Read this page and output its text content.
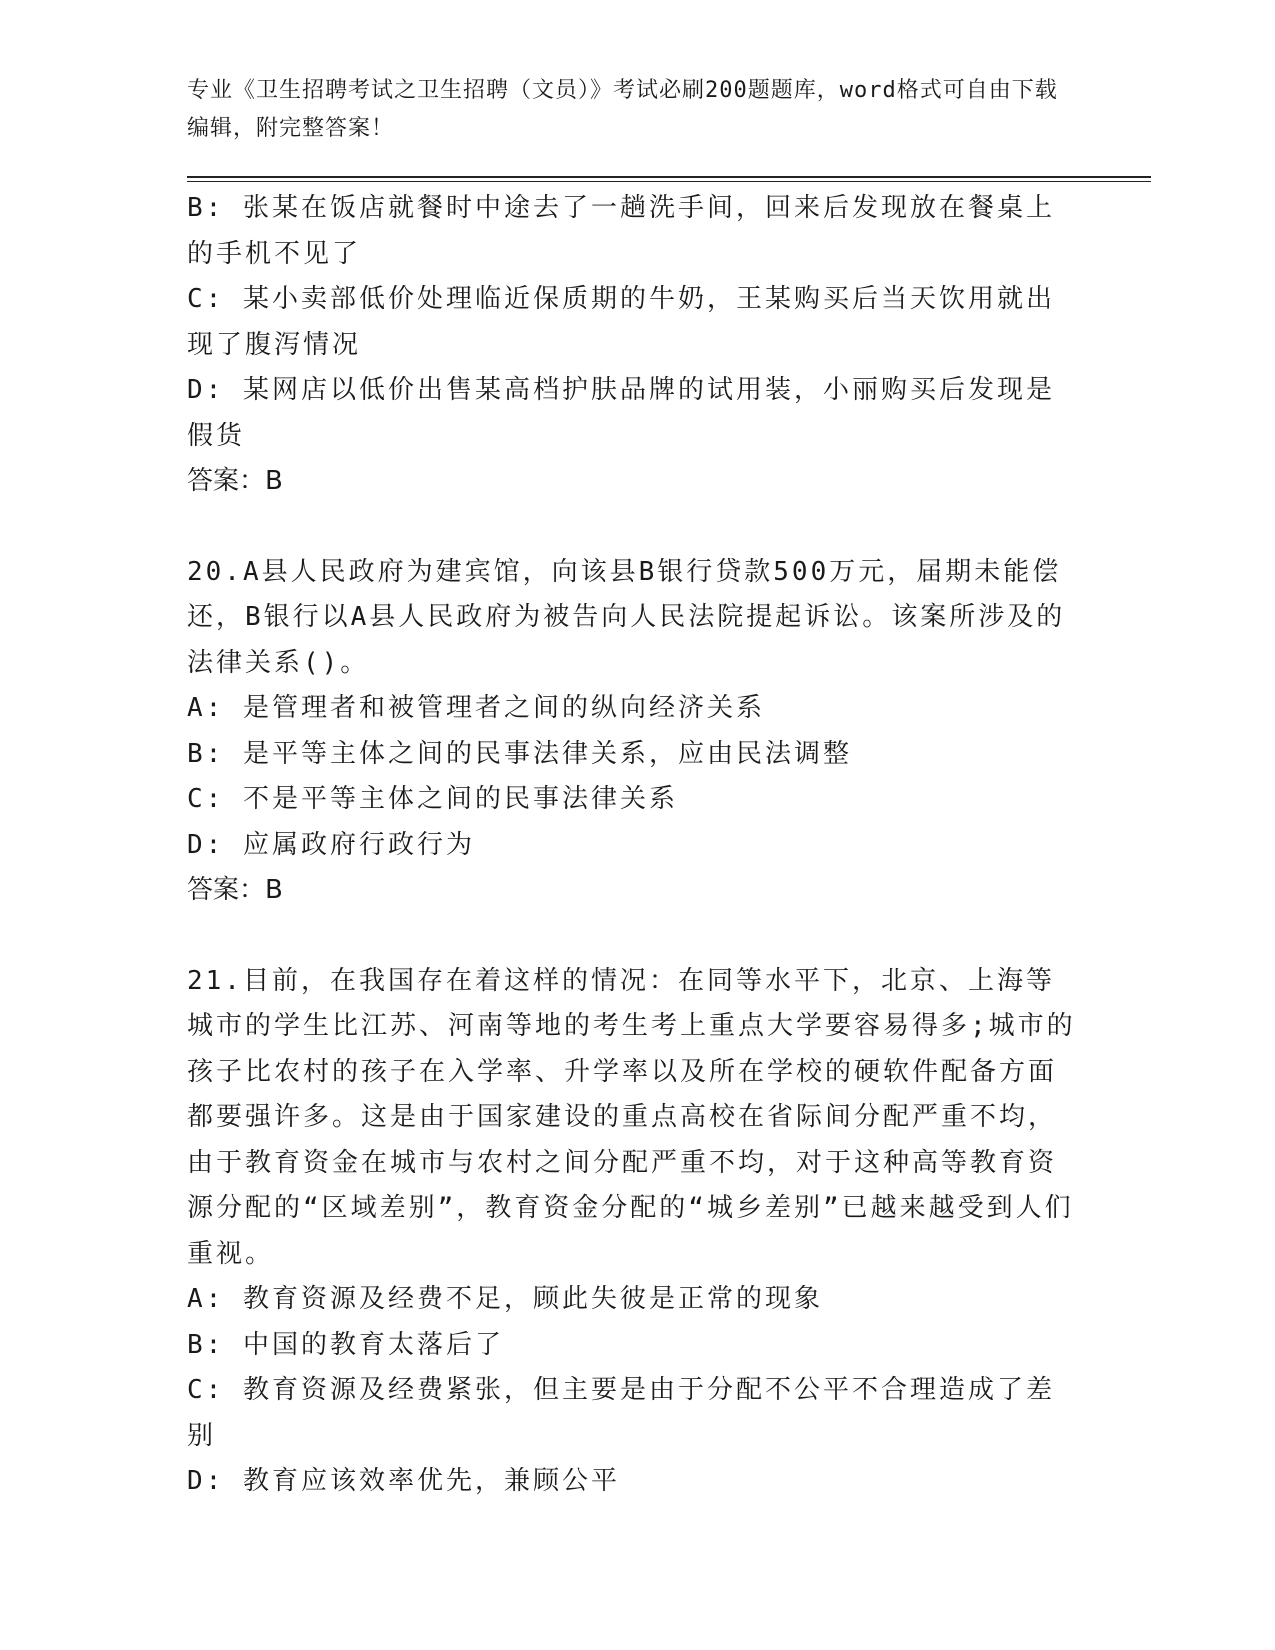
专业《卫生招聘考试之卫生招聘（文员）》考试必刷200题题库，word格式可自由下载编辑，附完整答案！

B: 张某在饭店就餐时中途去了一趟洗手间，回来后发现放在餐桌上的手机不见了

C: 某小卖部低价处理临近保质期的牛奶，王某购买后当天饮用就出现了腹泻情况

D: 某网店以低价出售某高档护肤品牌的试用装，小丽购买后发现是假货

答案：B

20.A县人民政府为建宾馆，向该县B银行贷款500万元，届期未能偿还，B银行以A县人民政府为被告向人民法院提起诉讼。该案所涉及的法律关系()。

A: 是管理者和被管理者之间的纵向经济关系

B: 是平等主体之间的民事法律关系，应由民法调整

C: 不是平等主体之间的民事法律关系

D: 应属政府行政行为

答案：B

21.目前，在我国存在着这样的情况：在同等水平下，北京、上海等城市的学生比江苏、河南等地的考生考上重点大学要容易得多;城市的孩子比农村的孩子在入学率、升学率以及所在学校的硬软件配备方面都要强许多。这是由于国家建设的重点高校在省际间分配严重不均，由于教育资金在城市与农村之间分配严重不均，对于这种高等教育资源分配的“区域差别”，教育资金分配的“城乡差别”已越来越受到人们重视。

A: 教育资源及经费不足，顾此失彼是正常的现象

B: 中国的教育太落后了

C: 教育资源及经费紧张，但主要是由于分配不公平不合理造成了差别

D: 教育应该效率优先，兼顾公平
